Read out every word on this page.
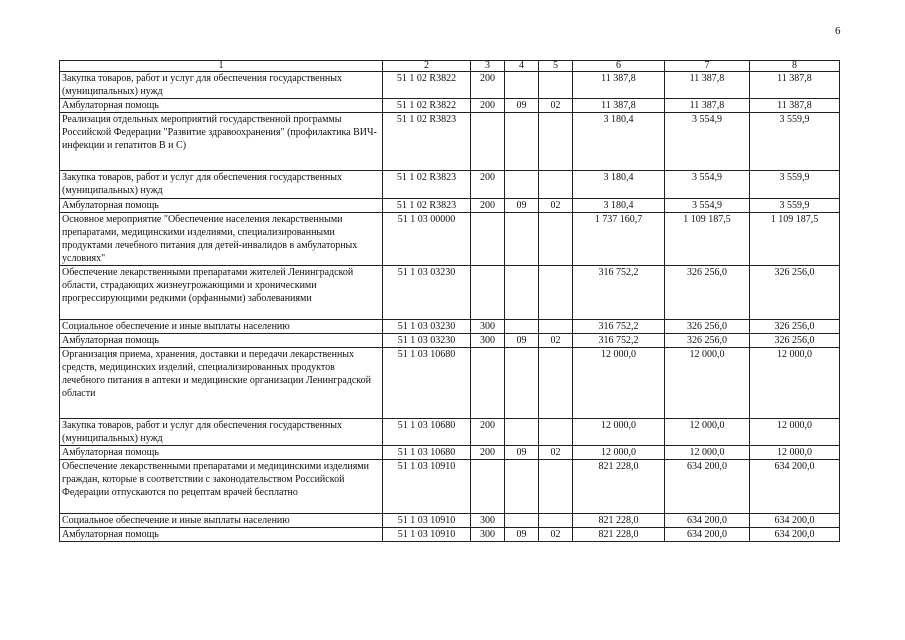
6
1	2	3	4	5	6	7	8
Закупка товаров, работ и услуг для обеспечения государственных (муниципальных) нужд	51 1 02 R3822	200			11 387,8	11 387,8	11 387,8
Амбулаторная помощь	51 1 02 R3822	200	09	02	11 387,8	11 387,8	11 387,8
Реализация отдельных мероприятий государственной программы Российской Федерации "Развитие здравоохранения" (профилактика ВИЧ-инфекции и гепатитов В и С)	51 1 02 R3823				3 180,4	3 554,9	3 559,9
Закупка товаров, работ и услуг для обеспечения государственных (муниципальных) нужд	51 1 02 R3823	200			3 180,4	3 554,9	3 559,9
Амбулаторная помощь	51 1 02 R3823	200	09	02	3 180,4	3 554,9	3 559,9
Основное мероприятие "Обеспечение населения лекарственными препаратами, медицинскими изделиями, специализированными продуктами лечебного питания для детей-инвалидов в амбулаторных условиях"	51 1 03 00000				1 737 160,7	1 109 187,5	1 109 187,5
Обеспечение лекарственными препаратами жителей Ленинградской области, страдающих жизнеугрожающими и хроническими прогрессирующими редкими (орфанными) заболеваниями	51 1 03 03230				316 752,2	326 256,0	326 256,0
Социальное обеспечение и иные выплаты населению	51 1 03 03230	300			316 752,2	326 256,0	326 256,0
Амбулаторная помощь	51 1 03 03230	300	09	02	316 752,2	326 256,0	326 256,0
Организация приема, хранения, доставки и передачи лекарственных средств, медицинских изделий, специализированных продуктов лечебного питания в аптеки и медицинские организации Ленинградской области	51 1 03 10680				12 000,0	12 000,0	12 000,0
Закупка товаров, работ и услуг для обеспечения государственных (муниципальных) нужд	51 1 03 10680	200			12 000,0	12 000,0	12 000,0
Амбулаторная помощь	51 1 03 10680	200	09	02	12 000,0	12 000,0	12 000,0
Обеспечение лекарственными препаратами и медицинскими изделиями граждан, которые в соответствии с законодательством Российской Федерации отпускаются по рецептам врачей бесплатно	51 1 03 10910				821 228,0	634 200,0	634 200,0
Социальное обеспечение и иные выплаты населению	51 1 03 10910	300			821 228,0	634 200,0	634 200,0
Амбулаторная помощь	51 1 03 10910	300	09	02	821 228,0	634 200,0	634 200,0
